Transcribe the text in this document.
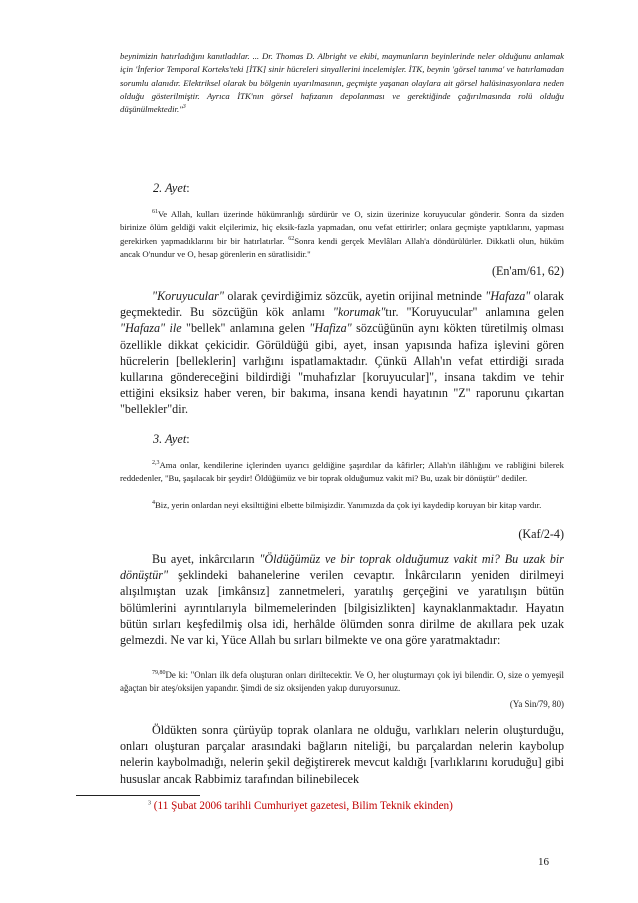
beynimizin hatırladığını kanıtladılar. ... Dr. Thomas D. Albright ve ekibi, maymunların beyinlerinde neler olduğunu anlamak için 'İnferior Temporal Korteks'teki [İTK] sinir hücreleri sinyallerini incelemişler. İTK, beynin 'görsel tanıma' ve hatırlamadan sorumlu alanıdır. Elektriksel olarak bu bölgenin uyarılmasının, geçmişte yaşanan olaylara ait görsel halüsinasyonlara neden olduğu gösterilmiştir. Ayrıca İTK'nın görsel hafızanın depolanması ve gerektiğinde çağırılmasında rolü olduğu düşünülmektedir."$^3$

2. Ayet:

$^{61}$Ve Allah, kulları üzerinde hükümranlığı sürdürür ve O, sizin üzerinize koruyucular gönderir. Sonra da sizden birinize ölüm geldiği vakit elçilerimiz, hiç eksik-fazla yapmadan, onu vefat ettirirler; onlara geçmişte yaptıklarını, yapması gerekirken yapmadıklarını bir bir hatırlatırlar. $^{62}$Sonra kendi gerçek Mevlâları Allah'a döndürülürler. Dikkatli olun, hüküm ancak O'nundur ve O, hesap görenlerin en süratlisidir."

(En'am/61, 62)

"Koruyucular" olarak çevirdiğimiz sözcük, ayetin orijinal metninde "Hafaza" olarak geçmektedir. Bu sözcüğün kök anlamı "korumak"tır. "Koruyucular" anlamına gelen "Hafaza" ile "bellek" anlamına gelen "Hafiza" sözcüğünün aynı kökten türetilmiş olması özellikle dikkat çekicidir. Görüldüğü gibi, ayet, insan yapısında hafiza işlevini gören hücrelerin [belleklerin] varlığını ispatlamaktadır. Çünkü Allah'ın vefat ettirdiği sırada kullarına göndereceğini bildirdiği "muhafızlar [koruyucular]", insana takdim ve tehir ettiğini eksiksiz haber veren, bir bakıma, insana kendi hayatının "Z" raporunu çıkartan "bellekler"dir.

3. Ayet:

$^{2,3}$Ama onlar, kendilerine içlerinden uyarıcı geldiğine şaşırdılar da kâfirler; Allah'ın ilâhlığını ve rabliğini bilerek reddedenler, "Bu, şaşılacak bir şeydir! Öldüğümüz ve bir toprak olduğumuz vakit mi? Bu, uzak bir dönüştür" dediler.

$^4$Biz, yerin onlardan neyi eksilttiğini elbette bilmişizdir. Yanımızda da çok iyi kaydedip koruyan bir kitap vardır.

(Kaf/2-4)

Bu ayet, inkârcıların "Öldüğümüz ve bir toprak olduğumuz vakit mi? Bu uzak bir dönüştür" şeklindeki bahanelerine verilen cevaptır. İnkârcıların yeniden dirilmeyi alışılmıştan uzak [imkânsız] zannetmeleri, yaratılış gerçeğini ve yaratılışın bütün bölümlerini ayrıntılarıyla bilmemelerinden [bilgisizlikten] kaynaklanmaktadır. Hayatın bütün sırları keşfedilmiş olsa idi, herhâlde ölümden sonra dirilme de akıllara pek uzak gelmezdi. Ne var ki, Yüce Allah bu sırları bilmekte ve ona göre yaratmaktadır:

$^{79,80}$De ki: "Onları ilk defa oluşturan onları diriltecektir. Ve O, her oluşturmayı çok iyi bilendir. O, size o yemyeşil ağaçtan bir ateş/oksijen yapandır. Şimdi de siz oksijenden yakıp duruyorsunuz.

(Ya Sin/79, 80)

Öldükten sonra çürüyüp toprak olanlara ne olduğu, varlıkları nelerin oluşturduğu, onları oluşturan parçalar arasındaki bağların niteliği, bu parçalardan nelerin kaybolup nelerin kaybolmadığı, nelerin şekil değiştirerek mevcut kaldığı [varlıklarını koruduğu] gibi hususlar ancak Rabbimiz tarafından bilinebilecek

$^3$ (11 Şubat 2006 tarihli Cumhuriyet gazetesi, Bilim Teknik ekinden)
16
